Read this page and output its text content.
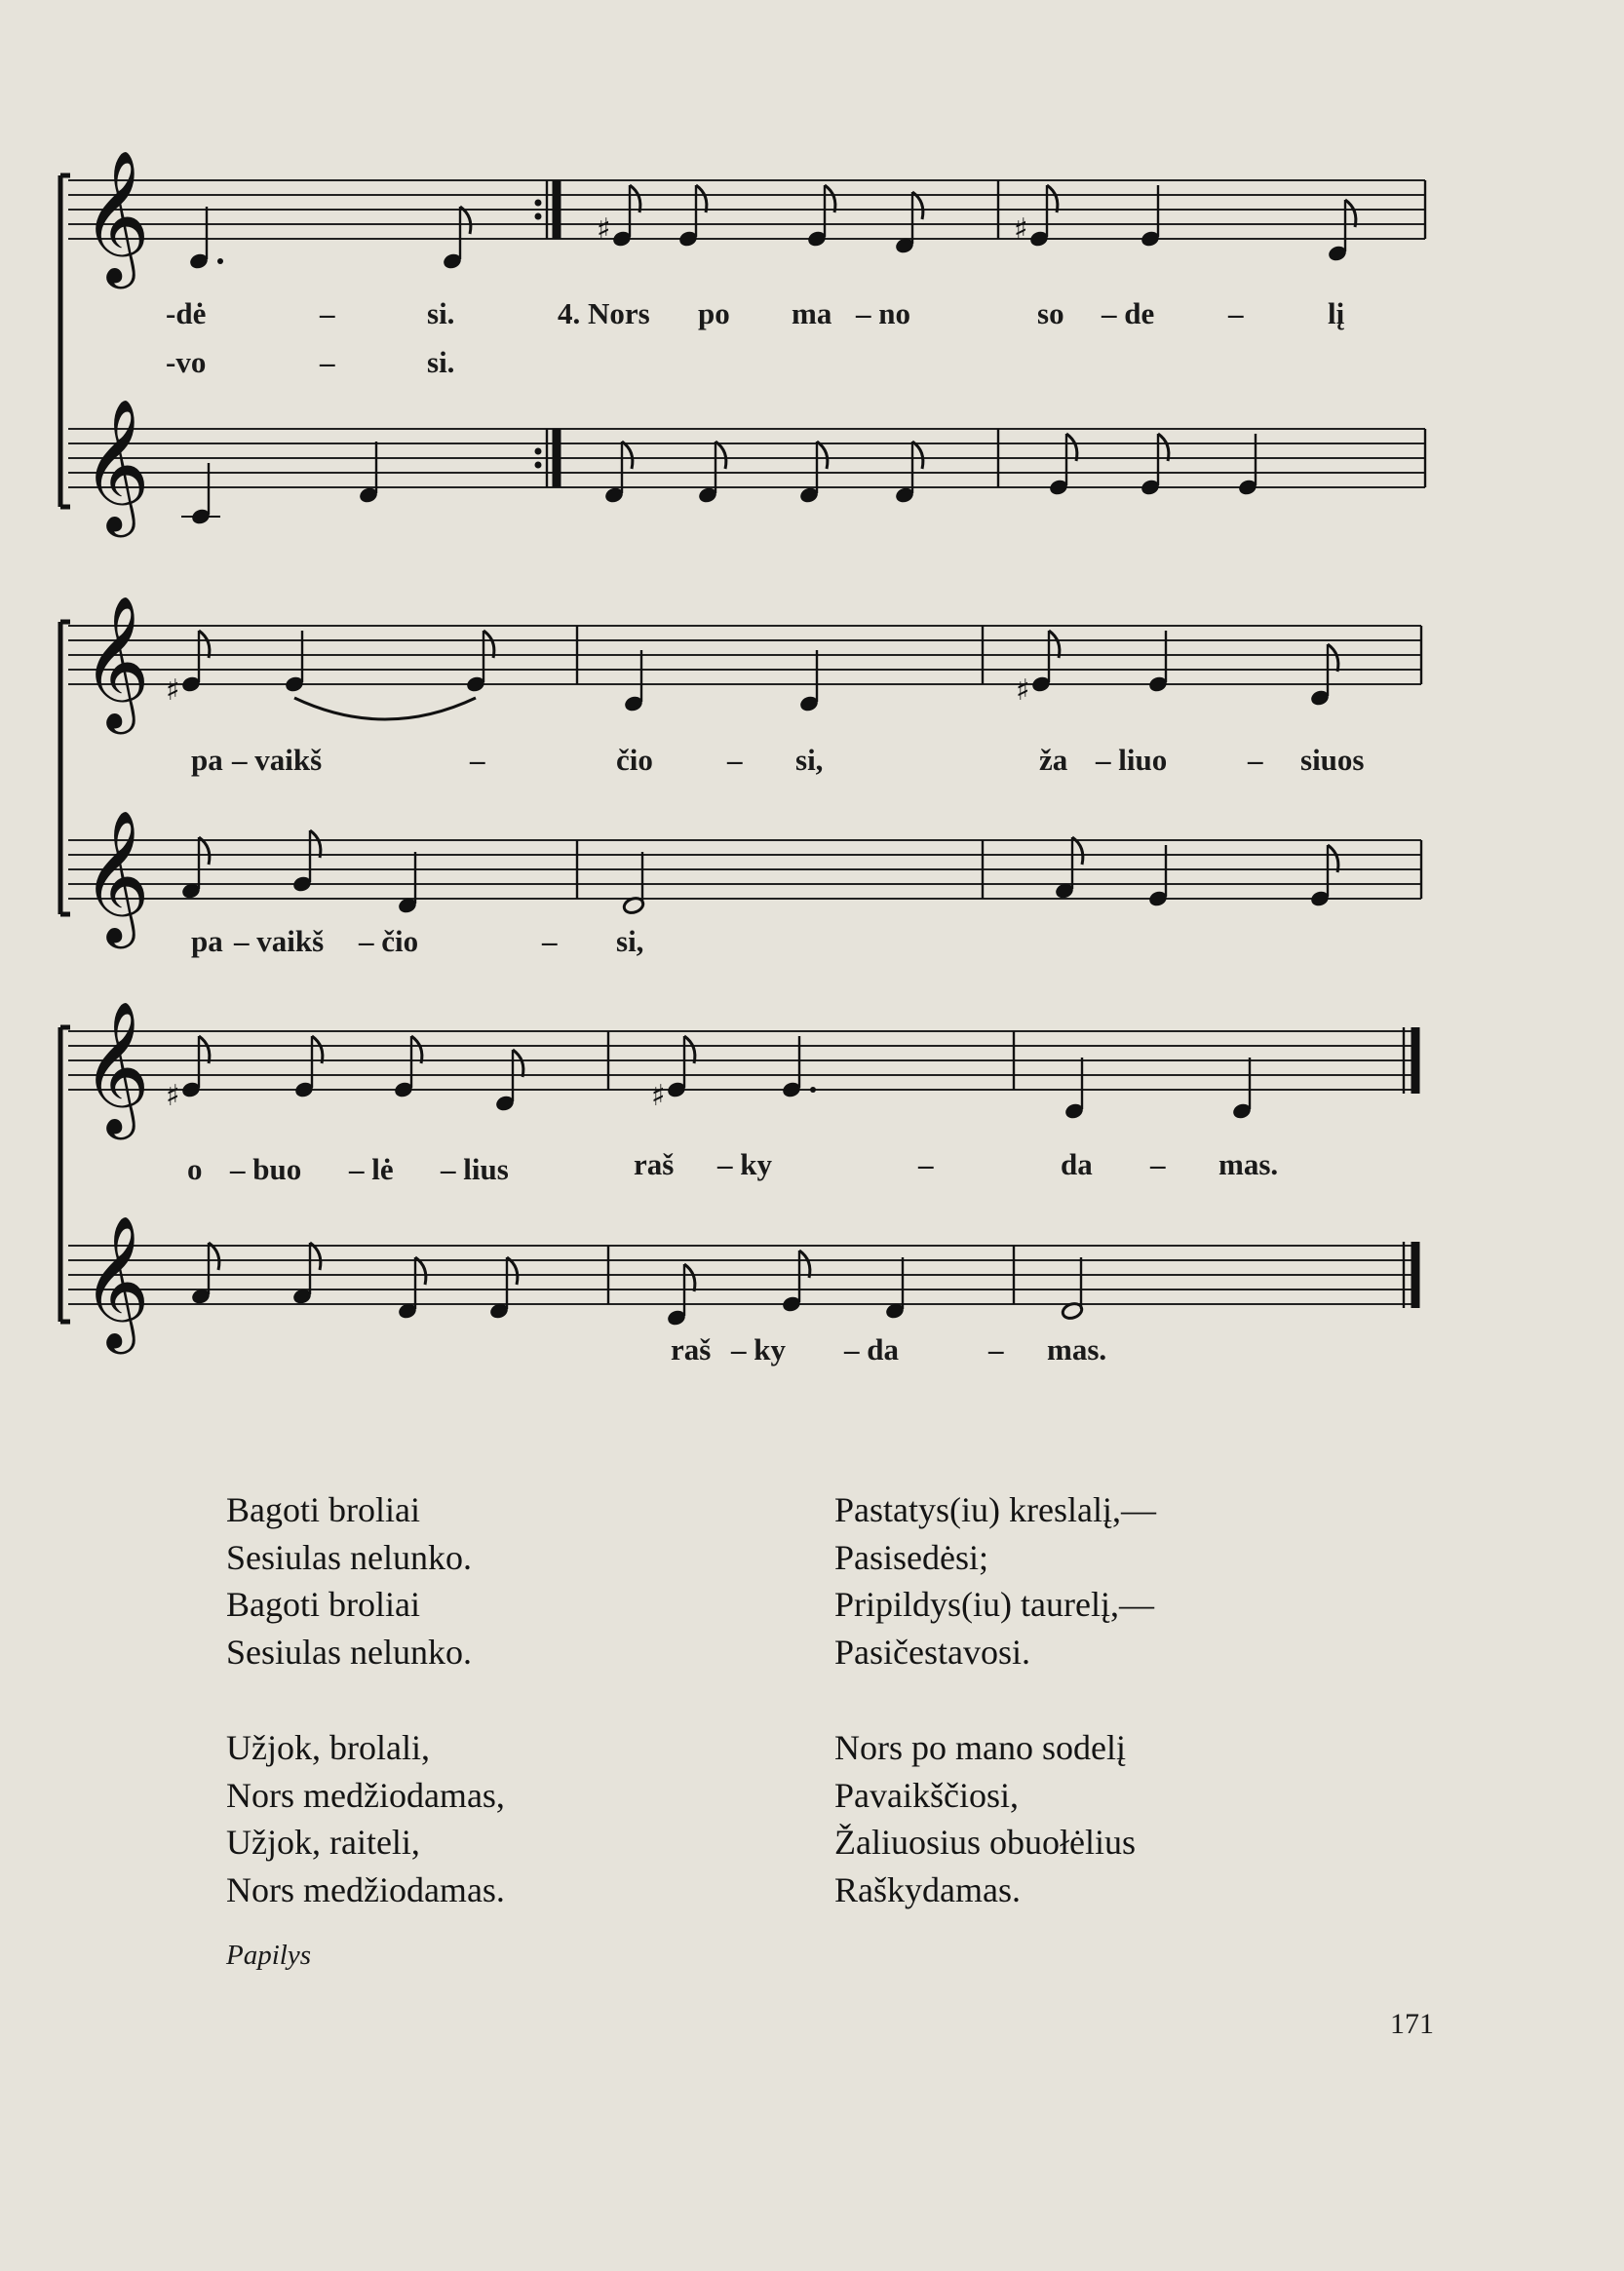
𝄞	♯	♯
-dė	–	si.	4. Nors po ma – no	so – de –	lį
-vo	–	si.
𝄞
𝄞 ♯	♯
pa – vaikš	–	čio – si,	ža – liuo	– siuos
𝄞 pa – vaikš – čio	– si,
𝄞 ♯	♯
o – buo – lė – lius	raš – ky	–	da – mas.
𝄞
raš – ky – da	– mas.

Bagoti broliai

Sesiulas nelunko.

Bagoti broliai

Sesiulas nelunko.

Užjok, brolali,

Nors medžiodamas,

Užjok, raiteli,

Nors medžiodamas.

Pastatys(iu) kreslalį,—

Pasisedėsi;

Pripildys(iu) taurelį,—

Pasičestavosi.

Nors po mano sodelį

Pavaikščiosi,

Žaliuosius obuołėlius

Raškydamas.

Papilys
171
